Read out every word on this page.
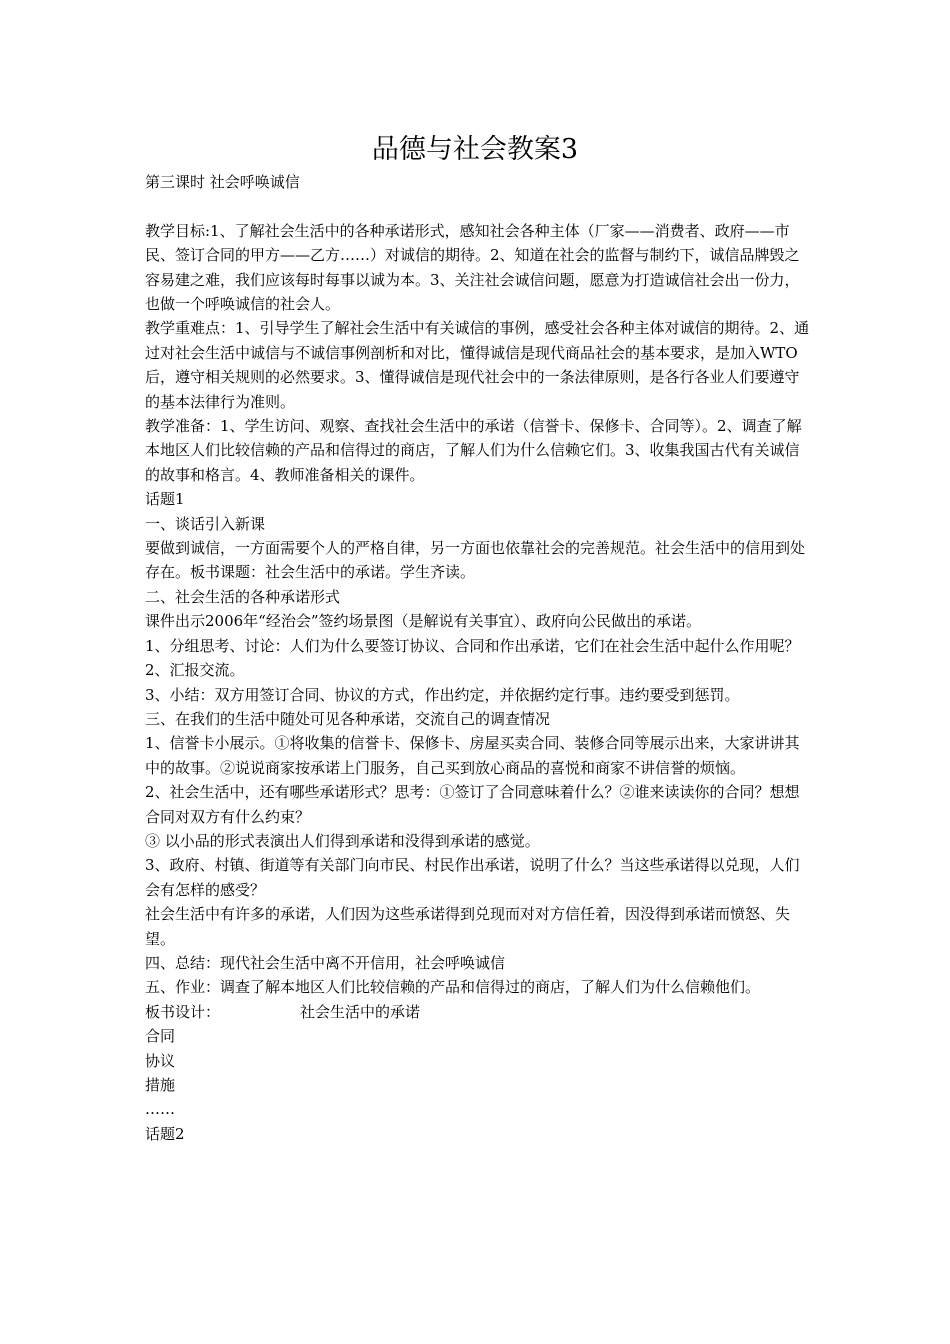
品德与社会教案3

第三课时 社会呼唤诚信

教学目标:1、了解社会生活中的各种承诺形式，感知社会各种主体（厂家——消费者、政府——市民、签订合同的甲方——乙方……）对诚信的期待。2、知道在社会的监督与制约下，诚信品牌毁之容易建之难，我们应该每时每事以诚为本。3、关注社会诚信问题，愿意为打造诚信社会出一份力，也做一个呼唤诚信的社会人。

教学重难点：1、引导学生了解社会生活中有关诚信的事例，感受社会各种主体对诚信的期待。2、通过对社会生活中诚信与不诚信事例剖析和对比，懂得诚信是现代商品社会的基本要求，是加入WTO后，遵守相关规则的必然要求。3、懂得诚信是现代社会中的一条法律原则，是各行各业人们要遵守的基本法律行为准则。

教学准备：1、学生访问、观察、查找社会生活中的承诺（信誉卡、保修卡、合同等）。2、调查了解本地区人们比较信赖的产品和信得过的商店，了解人们为什么信赖它们。3、收集我国古代有关诚信的故事和格言。4、教师准备相关的课件。

话题1

一、谈话引入新课

要做到诚信，一方面需要个人的严格自律，另一方面也依靠社会的完善规范。社会生活中的信用到处存在。板书课题：社会生活中的承诺。学生齐读。

二、社会生活的各种承诺形式

课件出示2006年“经治会”签约场景图（是解说有关事宜）、政府向公民做出的承诺。

1、分组思考、讨论：人们为什么要签订协议、合同和作出承诺，它们在社会生活中起什么作用呢？

2、汇报交流。

3、小结：双方用签订合同、协议的方式，作出约定，并依据约定行事。违约要受到惩罚。

三、在我们的生活中随处可见各种承诺，交流自己的调查情况

1、信誉卡小展示。①将收集的信誉卡、保修卡、房屋买卖合同、装修合同等展示出来，大家讲讲其中的故事。②说说商家按承诺上门服务，自己买到放心商品的喜悦和商家不讲信誉的烦恼。

2、社会生活中，还有哪些承诺形式？思考：①签订了合同意味着什么？②谁来读读你的合同？想想合同对双方有什么约束？

③ 以小品的形式表演出人们得到承诺和没得到承诺的感觉。

3、政府、村镇、街道等有关部门向市民、村民作出承诺，说明了什么？当这些承诺得以兑现，人们会有怎样的感受？

社会生活中有许多的承诺，人们因为这些承诺得到兑现而对对方信任着，因没得到承诺而愤怒、失望。

四、总结：现代社会生活中离不开信用，社会呼唤诚信

五、作业：调查了解本地区人们比较信赖的产品和信得过的商店，了解人们为什么信赖他们。

板书设计：	社会生活中的承诺

合同

协议

措施

……

话题2
